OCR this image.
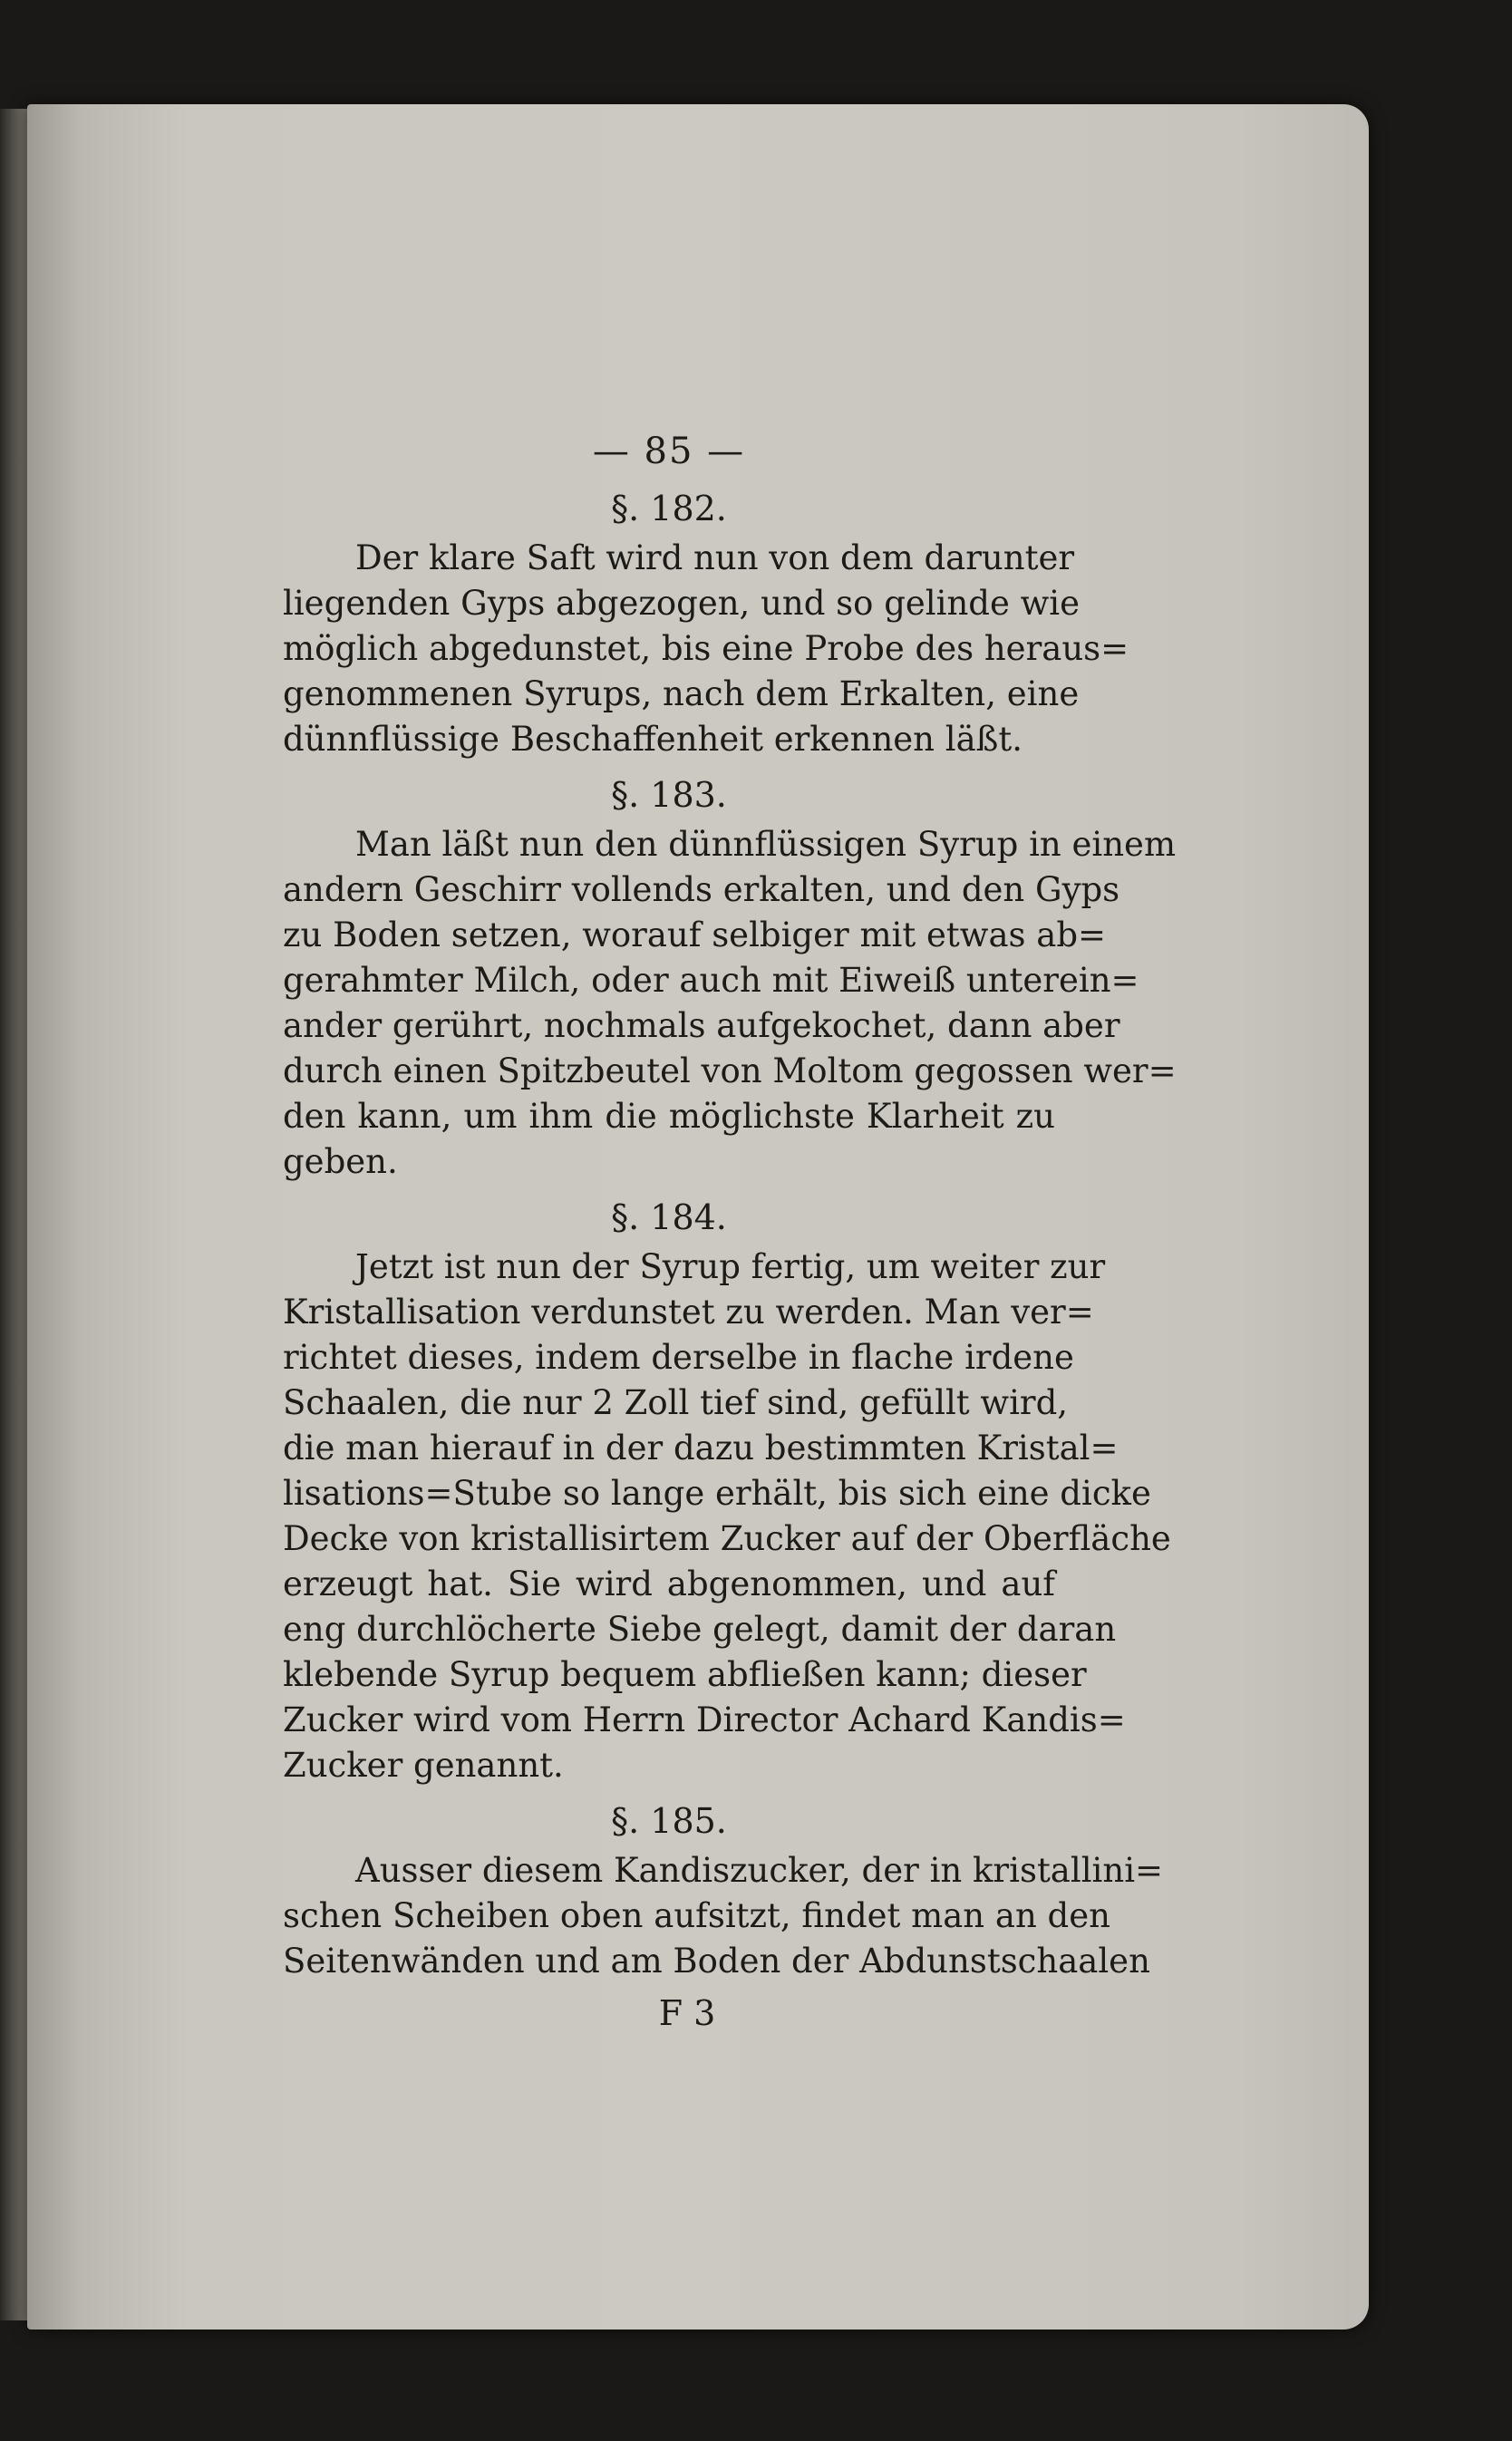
— 85 —
§. 182.
Der klare Saft wird nun von dem darunter
liegenden Gyps abgezogen, und so gelinde wie
möglich abgedunstet, bis eine Probe des heraus=
genommenen Syrups, nach dem Erkalten, eine
dünnflüssige Beschaffenheit erkennen läßt.
§. 183.
Man läßt nun den dünnflüssigen Syrup in einem
andern Geschirr vollends erkalten, und den Gyps
zu Boden setzen, worauf selbiger mit etwas ab=
gerahmter Milch, oder auch mit Eiweiß unterein=
ander gerührt, nochmals aufgekochet, dann aber
durch einen Spitzbeutel von Moltom gegossen wer=
den kann, um ihm die möglichste Klarheit zu
geben.
§. 184.
Jetzt ist nun der Syrup fertig, um weiter zur
Kristallisation verdunstet zu werden. Man ver=
richtet dieses, indem derselbe in flache irdene
Schaalen, die nur 2 Zoll tief sind, gefüllt wird,
die man hierauf in der dazu bestimmten Kristal=
lisations=Stube so lange erhält, bis sich eine dicke
Decke von kristallisirtem Zucker auf der Oberfläche
erzeugt hat. Sie wird abgenommen, und auf
eng durchlöcherte Siebe gelegt, damit der daran
klebende Syrup bequem abfließen kann; dieser
Zucker wird vom Herrn Director Achard Kandis=
Zucker genannt.
§. 185.
Ausser diesem Kandiszucker, der in kristallini=
schen Scheiben oben aufsitzt, findet man an den
Seitenwänden und am Boden der Abdunstschaalen
F 3
